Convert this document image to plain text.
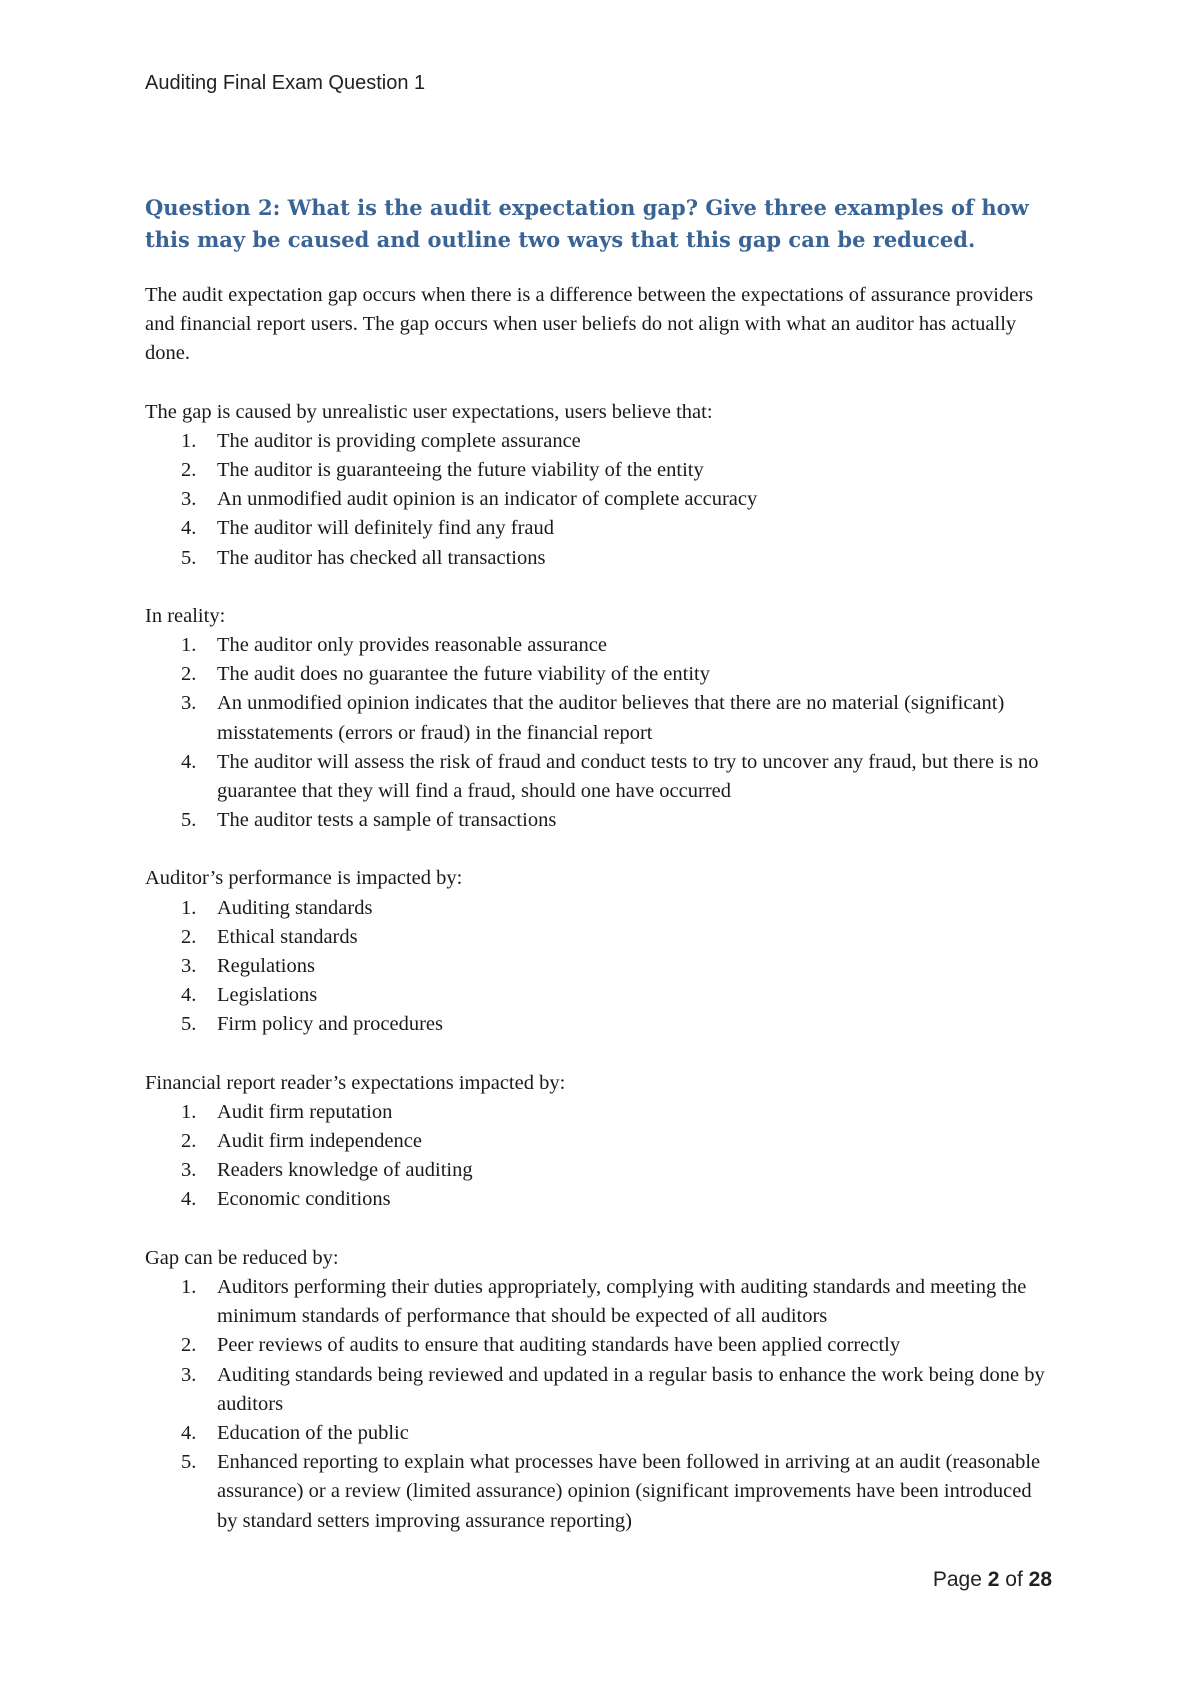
Auditing Final Exam Question 1
Question 2: What is the audit expectation gap? Give three examples of how this may be caused and outline two ways that this gap can be reduced.

The audit expectation gap occurs when there is a difference between the expectations of assurance providers and financial report users. The gap occurs when user beliefs do not align with what an auditor has actually done.

The gap is caused by unrealistic user expectations, users believe that:

1. The auditor is providing complete assurance
2. The auditor is guaranteeing the future viability of the entity
3. An unmodified audit opinion is an indicator of complete accuracy
4. The auditor will definitely find any fraud
5. The auditor has checked all transactions

In reality:

1. The auditor only provides reasonable assurance
2. The audit does no guarantee the future viability of the entity
3. An unmodified opinion indicates that the auditor believes that there are no material (significant) misstatements (errors or fraud) in the financial report
4. The auditor will assess the risk of fraud and conduct tests to try to uncover any fraud, but there is no guarantee that they will find a fraud, should one have occurred
5. The auditor tests a sample of transactions

Auditor’s performance is impacted by:

1. Auditing standards
2. Ethical standards
3. Regulations
4. Legislations
5. Firm policy and procedures

Financial report reader’s expectations impacted by:

1. Audit firm reputation
2. Audit firm independence
3. Readers knowledge of auditing
4. Economic conditions

Gap can be reduced by:

1. Auditors performing their duties appropriately, complying with auditing standards and meeting the minimum standards of performance that should be expected of all auditors
2. Peer reviews of audits to ensure that auditing standards have been applied correctly
3. Auditing standards being reviewed and updated in a regular basis to enhance the work being done by auditors
4. Education of the public
5. Enhanced reporting to explain what processes have been followed in arriving at an audit (reasonable assurance) or a review (limited assurance) opinion (significant improvements have been introduced by standard setters improving assurance reporting)
Page 2 of 28
